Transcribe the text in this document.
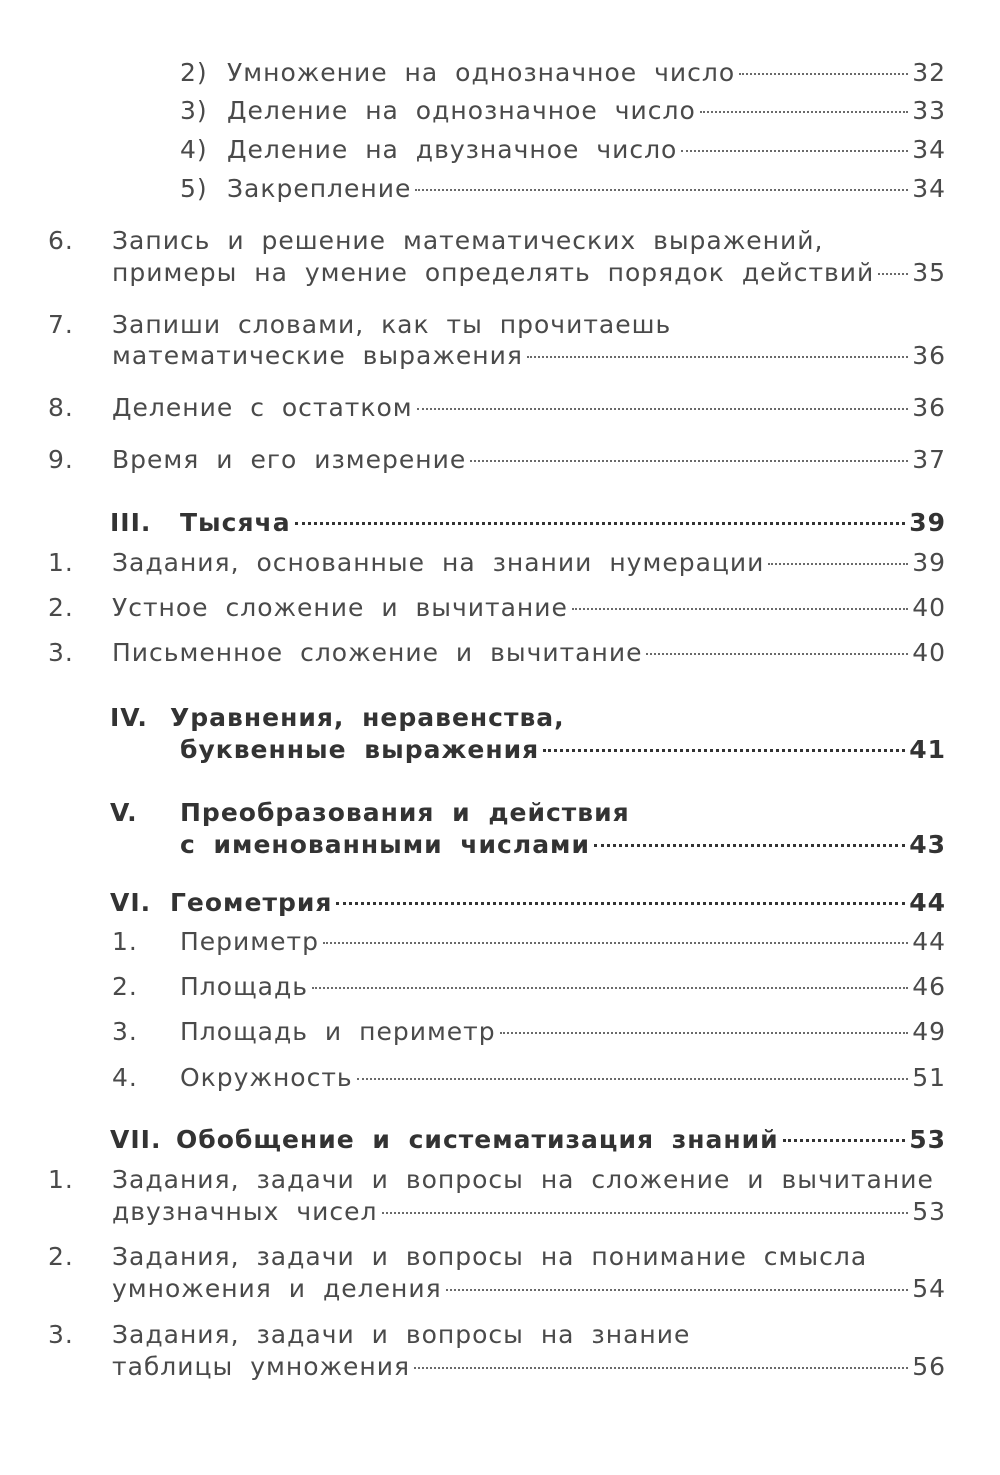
2) Умножение на однозначное число	32
3) Деление на однозначное число	33
4) Деление на двузначное число	34
5) Закрепление	34
6. Запись и решение математических выражений,
примеры на умение определять порядок действий 35
7. Запиши словами, как ты прочитаешь
математические выражения	36
8. Деление с остатком	36
9. Время и его измерение	37
III. Тысяча	39
1. Задания, основанные на знании нумерации	39
2. Устное сложение и вычитание	40
3. Письменное сложение и вычитание	40
IV. Уравнения, неравенства,
буквенные выражения	41
V. Преобразования и действия
с именованными числами	43
VI. Геометрия	44
1. Периметр	44
2. Площадь	46
3. Площадь и периметр	49
4. Окружность	51
VII. Обобщение и систематизация знаний	53
1. Задания, задачи и вопросы на сложение и вычитание
двузначных чисел	53
2. Задания, задачи и вопросы на понимание смысла
умножения и деления	54
3. Задания, задачи и вопросы на знание
таблицы умножения	56
